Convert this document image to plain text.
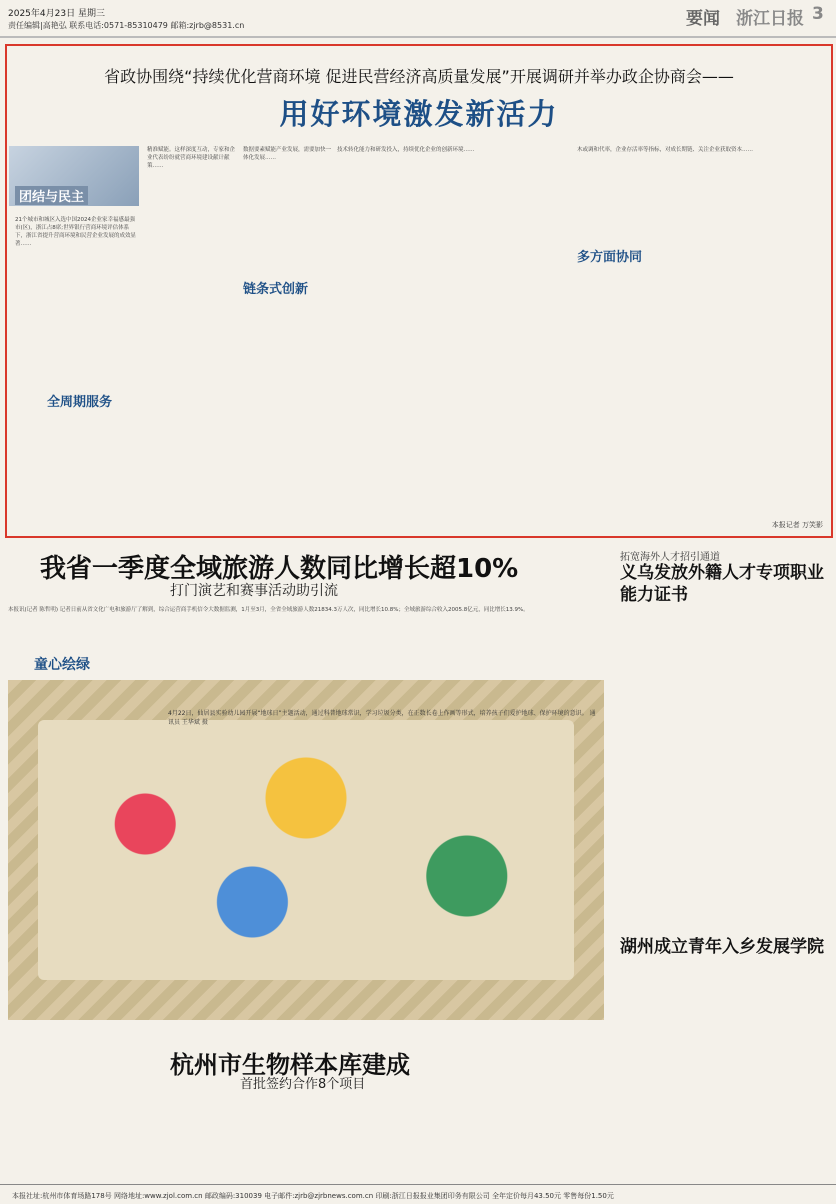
2025年4月23日 星期三
责任编辑|高艳弘 联系电话:0571-85310479 邮箱:zjrb@8531.cn	要闻 浙江日报 3
省政协围绕“持续优化营商环境 促进民营经济高质量发展”开展调研并举办政企协商会——
用好环境激发新活力
团结与民主
全周期服务
链条式创新
多方面协同
21个城市和城区入选中国2024企业家幸福感最强市(区)，浙江占8席;世界银行营商环境评估体系下，浙江省提升营商环境和民营企业发展的成效显著……
精准赋能。这样深度互动，专家和企业代表纷纷就营商环境建设献计献策……
数据要素赋能产业发展，需要加快一体化发展……
技术转化能力和研发投入，持续优化企业的创新环境……	木或调和代率，企业存活率等指标，对成长期链、关注企业获取资本……
本报记者 万笑影
我省一季度全域旅游人数同比增长超10%
打门演艺和赛事活动助引流
本报讯(记者 陈哲明) 记者日前从省文化广电和旅游厅了解到，综合运营商手机信令大数据监测，1月至3月，全省全域旅游人数21834.3万人次，同比增长10.8%；全域旅游综合收入2005.8亿元，同比增长13.9%。
童心绘绿
4月22日，仙居县实验幼儿园开展“地球日”主题活动，通过科普地球常识，学习垃圾分类，在正数长卷上作画等形式，培养孩子们爱护地球、保护环境的意识。 通讯员 王华斌 摄
杭州市生物样本库建成
首批签约合作8个项目
拓宽海外人才招引通道
义乌发放外籍人才专项职业能力证书
湖州成立青年入乡发展学院
本报社址:杭州市体育场路178号 网络地址:www.zjol.com.cn 邮政编码:310039 电子邮件:zjrb@zjrbnews.com.cn 印刷:浙江日报报业集团印务有限公司 全年定价每月43.50元 零售每份1.50元
